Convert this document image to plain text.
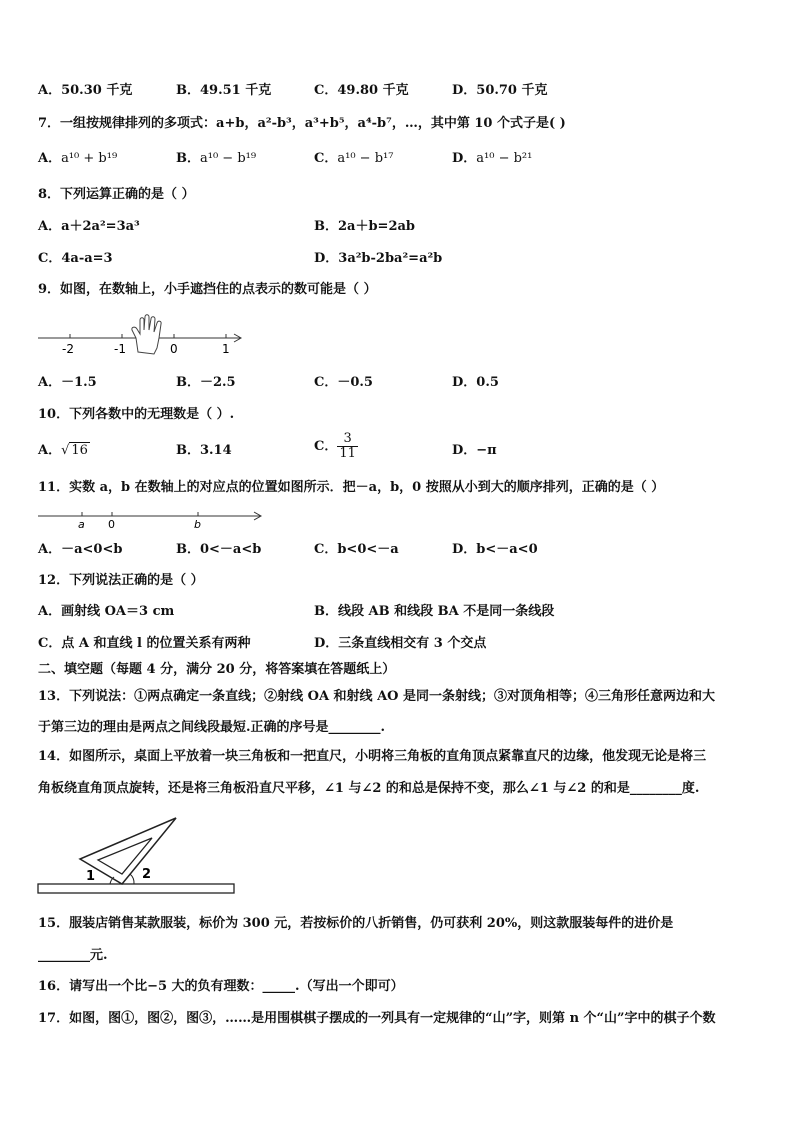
A．50.30 千克	B．49.51 千克	C．49.80 千克	D．50.70 千克
7．一组按规律排列的多项式：a+b，a²-b³，a³+b⁵，a⁴-b⁷，…，其中第 10 个式子是( )
A．a¹⁰ + b¹⁹	B．a¹⁰ − b¹⁹	C．a¹⁰ − b¹⁷	D．a¹⁰ − b²¹
8．下列运算正确的是（ ）
A．a＋2a²=3a³	B．2a＋b=2ab
C．4a-a=3	D．3a²b-2ba²=a²b
9．如图，在数轴上，小手遮挡住的点表示的数可能是（ ）
-2	-1	0	1
A．－1.5	B．－2.5	C．－0.5	D．0.5
10．下列各数中的无理数是（ ）.
A．√ 16	B．3.14	C． $\frac{3}{11}$	D．−π
11．实数 a，b 在数轴上的对应点的位置如图所示．把－a，b，0 按照从小到大的顺序排列，正确的是（ ）
a 0	b
A．－a<0<b	B．0<－a<b	C．b<0<－a	D．b<－a<0
12．下列说法正确的是（ ）
A．画射线 OA＝3 cm	B．线段 AB 和线段 BA 不是同一条线段
C．点 A 和直线 l 的位置关系有两种	D．三条直线相交有 3 个交点
二、填空题（每题 4 分，满分 20 分，将答案填在答题纸上）
13．下列说法：①两点确定一条直线；②射线 OA 和射线 AO 是同一条射线；③对顶角相等；④三角形任意两边和大
于第三边的理由是两点之间线段最短.正确的序号是________.
14．如图所示，桌面上平放着一块三角板和一把直尺，小明将三角板的直角顶点紧靠直尺的边缘，他发现无论是将三
角板绕直角顶点旋转，还是将三角板沿直尺平移，∠1 与∠2 的和总是保持不变，那么∠1 与∠2 的和是________度.
1	2
15．服装店销售某款服装，标价为 300 元，若按标价的八折销售，仍可获利 20%，则这款服装每件的进价是
________元.
16．请写出一个比−5 大的负有理数：_____.（写出一个即可）
17．如图，图①，图②，图③，……是用围棋棋子摆成的一列具有一定规律的“山”字，则第 n 个“山”字中的棋子个数
